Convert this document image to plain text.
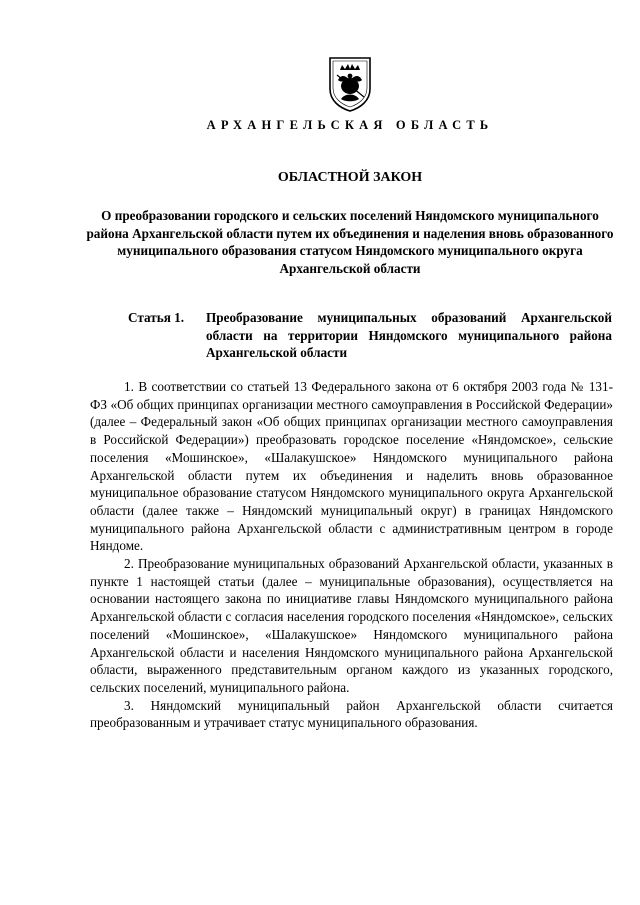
АРХАНГЕЛЬСКАЯ ОБЛАСТЬ
ОБЛАСТНОЙ ЗАКОН
О преобразовании городского и сельских поселений Няндомского муниципального района Архангельской области путем их объединения и наделения вновь образованного муниципального образования статусом Няндомского муниципального округа Архангельской области
Статья 1.	Преобразование муниципальных образований Архангельской области на территории Няндомского муниципального района Архангельской области

1. В соответствии со статьей 13 Федерального закона от 6 октября 2003 года № 131-ФЗ «Об общих принципах организации местного самоуправления в Российской Федерации» (далее – Федеральный закон «Об общих принципах организации местного самоуправления в Российской Федерации») преобразовать городское поселение «Няндомское», сельские поселения «Мошинское», «Шалакушское» Няндомского муниципального района Архангельской области путем их объединения и наделить вновь образованное муниципальное образование статусом Няндомского муниципального округа Архангельской области (далее также – Няндомский муниципальный округ) в границах Няндомского муниципального района Архангельской области с административным центром в городе Няндоме.

2. Преобразование муниципальных образований Архангельской области, указанных в пункте 1 настоящей статьи (далее – муниципальные образования), осуществляется на основании настоящего закона по инициативе главы Няндомского муниципального района Архангельской области с согласия населения городского поселения «Няндомское», сельских поселений «Мошинское», «Шалакушское» Няндомского муниципального района Архангельской области и населения Няндомского муниципального района Архангельской области, выраженного представительным органом каждого из указанных городского, сельских поселений, муниципального района.

3. Няндомский муниципальный район Архангельской области считается преобразованным и утрачивает статус муниципального образования.
